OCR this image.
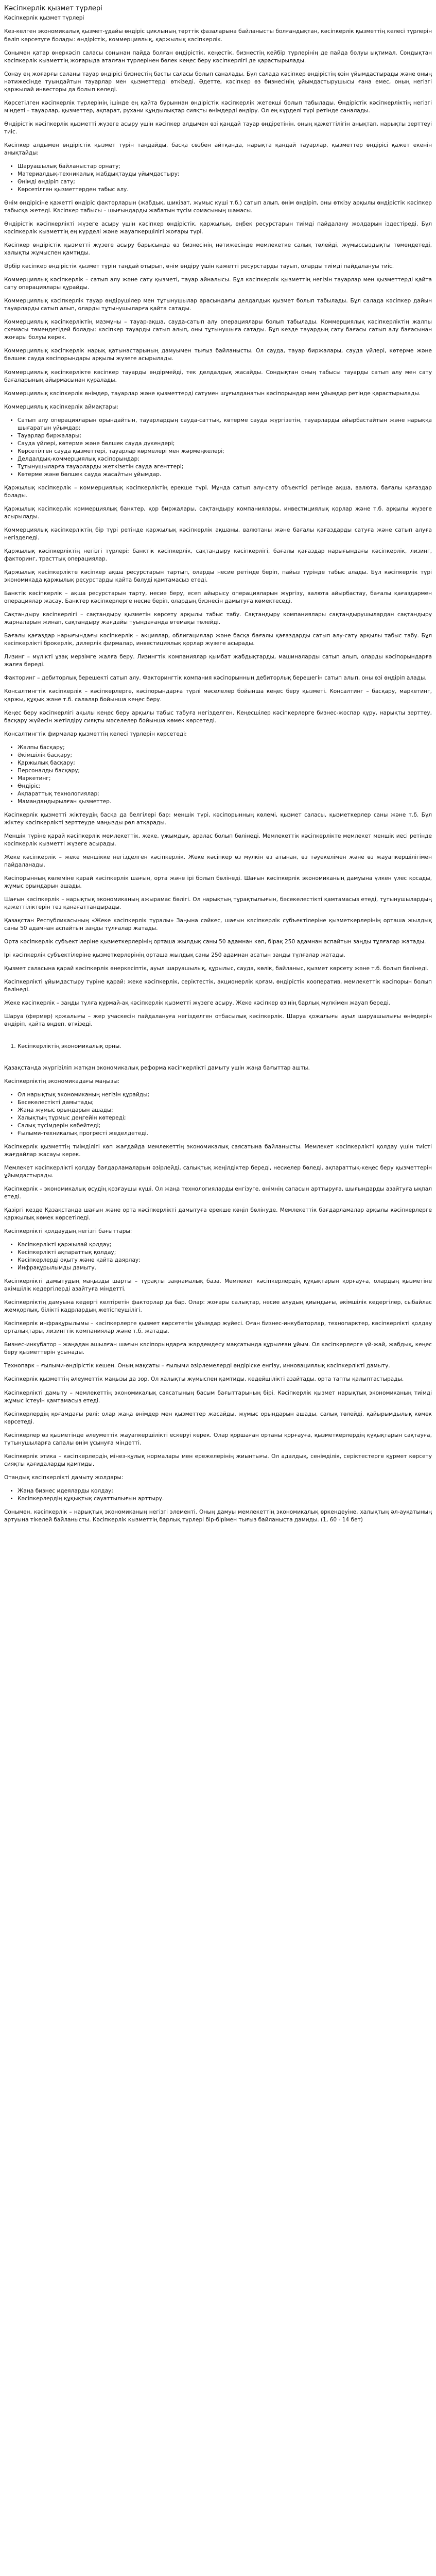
Кәсіпкерлік қызмет түрлері
Кәсіпкерлік қызмет түрлері

Кез-келген экономикалық қызмет-ұдайы өндіріс циклының төрттік фазаларына байланысты болғандықтан, кәсіпкерлік қызметтің келесі түрлерін бөліп көрсетуге болады: өндірістік, коммерциялық, қаржылық кәсіпкерлік.

Сонымен қатар өнеркәсіп саласы сонынан пайда болған өндірістік, кеңестік, бизнестің кейбір түрлерінің де пайда болуы ықтимал. Сондықтан кәсіпкерлік қызметтің жоғарыда аталған түрлерінен бөлек кеңес беру кәсіпкерлігі де қарастырылады.

Сонау ең жоғарғы саланы тауар өндірісі бизнестің басты саласы болып саналады. Бұл салада кәсіпкер өндірістің өзін ұйымдастырады және оның нәтижесінде туындайтын тауарлар мен қызметтерді өткізеді. Әдетте, кәсіпкер өз бизнесінің ұйымдастырушысы ғана емес, оның негізгі қаржылай инвесторы да болып келеді.

Көрсетілген кәсіпкерлік түрлерінің ішінде ең қайта бұрыннан өндірістік кәсіпкерлік жетекші болып табылады. Өндірістік кәсіпкерліктің негізгі міндеті – тауарлар, қызметтер, ақпарат, рухани құндылықтар сияқты өнімдерді өндіру. Ол ең күрделі түрі ретінде саналады.

Өндірістік кәсіпкерлік қызметті жүзеге асыру үшін кәсіпкер алдымен өзі қандай тауар өндіретінін, оның қажеттілігін анықтап, нарықты зерттеуі тиіс.

Кәсіпкер алдымен өндірістік қызмет түрін таңдайды, басқа сөзбен айтқанда, нарықта қандай тауарлар, қызметтер өндірісі қажет екенін анықтайды:

• Шаруашылық байланыстар орнату;
• Материалдық-техникалық жабдықтауды ұйымдастыру;
• Өнімді өндіріп сату;
• Көрсетілген қызметтерден табыс алу.

Өнім өндірісіне қажетті өндіріс факторларын (жабдық, шикізат, жұмыс күші т.б.) сатып алып, өнім өндіріп, оны өткізу арқылы өндірістік кәсіпкер табысқа жетеді. Кәсіпкер табысы – шығындарды жабатын түсім сомасының шамасы.

Өндірістік кәсіпкерлікті жүзеге асыру үшін кәсіпкер өндірістік, қаржылық, еңбек ресурстарын тиімді пайдалану жолдарын іздестіреді. Бұл кәсіпкерлік қызметтің ең күрделі және жауапкершілігі жоғары түрі.

Кәсіпкер өндірістік қызметті жүзеге асыру барысында өз бизнесінің нәтижесінде мемлекетке салық төлейді, жұмыссыздықты төмендетеді, халықты жұмыспен қамтиды.

Әрбір кәсіпкер өндірістік қызмет түрін таңдай отырып, өнім өндіру үшін қажетті ресурстарды тауып, оларды тиімді пайдалануы тиіс.

Коммерциялық кәсіпкерлік – сатып алу және сату қызметі, тауар айналысы. Бұл кәсіпкерлік қызметтің негізін тауарлар мен қызметтерді қайта сату операциялары құрайды.

Коммерциялық кәсіпкерлік тауар өндірушілер мен тұтынушылар арасындағы делдалдық қызмет болып табылады. Бұл салада кәсіпкер дайын тауарларды сатып алып, оларды тұтынушыларға қайта сатады.

Коммерциялық кәсіпкерліктің мазмұны – тауар-ақша, сауда-сатып алу операциялары болып табылады. Коммерциялық кәсіпкерліктің жалпы схемасы төмендегідей болады: кәсіпкер тауарды сатып алып, оны тұтынушыға сатады. Бұл кезде тауардың сату бағасы сатып алу бағасынан жоғары болуы керек.

Коммерциялық кәсіпкерлік нарық қатынастарының дамуымен тығыз байланысты. Ол сауда, тауар биржалары, сауда үйлері, көтерме және бөлшек сауда кәсіпорындары арқылы жүзеге асырылады.

Коммерциялық кәсіпкерлікте кәсіпкер тауарды өндірмейді, тек делдалдық жасайды. Сондықтан оның табысы тауарды сатып алу мен сату бағаларының айырмасынан құралады.

Коммерциялық кәсіпкерлік өнімдер, тауарлар және қызметтерді сатумен шұғылданатын кәсіпорындар мен ұйымдар ретінде қарастырылады.

Коммерциялық кәсіпкерлік аймақтары:

• Сатып алу операцияларын орындайтын, тауарлардың сауда-саттық, көтерме сауда жүргізетін, тауарларды айырбастайтын және нарыққа шығаратын ұйымдар;
• Тауарлар биржалары;
• Сауда үйлері, көтерме және бөлшек сауда дүкендері;
• Көрсетілген сауда қызметтері, тауарлар көрмелері мен жәрмеңкелері;
• Делдалдық-коммерциялық кәсіпорындар;
• Тұтынушыларға тауарларды жеткізетін сауда агенттері;
• Көтерме және бөлшек сауда жасайтын ұйымдар.

Қаржылық кәсіпкерлік – коммерциялық кәсіпкерліктің ерекше түрі. Мұнда сатып алу-сату объектісі ретінде ақша, валюта, бағалы қағаздар болады.

Қаржылық кәсіпкерлік коммерциялық банктер, қор биржалары, сақтандыру компаниялары, инвестициялық қорлар және т.б. арқылы жүзеге асырылады.

Коммерциялық кәсіпкерліктің бір түрі ретінде қаржылық кәсіпкерлік ақшаны, валютаны және бағалы қағаздарды сатуға және сатып алуға негізделеді.

Қаржылық кәсіпкерліктің негізгі түрлері: банктік кәсіпкерлік, сақтандыру кәсіпкерлігі, бағалы қағаздар нарығындағы кәсіпкерлік, лизинг, факторинг, трасттық операциялар.

Қаржылық кәсіпкерлікте кәсіпкер ақша ресурстарын тартып, оларды несие ретінде беріп, пайыз түрінде табыс алады. Бұл кәсіпкерлік түрі экономикада қаржылық ресурстарды қайта бөлуді қамтамасыз етеді.

Банктік кәсіпкерлік – ақша ресурстарын тарту, несие беру, есеп айырысу операцияларын жүргізу, валюта айырбастау, бағалы қағаздармен операциялар жасау. Банктер кәсіпкерлерге несие беріп, олардың бизнесін дамытуға көмектеседі.

Сақтандыру кәсіпкерлігі – сақтандыру қызметін көрсету арқылы табыс табу. Сақтандыру компаниялары сақтандырушылардан сақтандыру жарналарын жинап, сақтандыру жағдайы туындағанда өтемақы төлейді.

Бағалы қағаздар нарығындағы кәсіпкерлік – акциялар, облигациялар және басқа бағалы қағаздарды сатып алу-сату арқылы табыс табу. Бұл кәсіпкерлікті брокерлік, дилерлік фирмалар, инвестициялық қорлар жүзеге асырады.

Лизинг – мүлікті ұзақ мерзімге жалға беру. Лизингтік компаниялар қымбат жабдықтарды, машиналарды сатып алып, оларды кәсіпорындарға жалға береді.

Факторинг – дебиторлық берешекті сатып алу. Факторингтік компания кәсіпорынның дебиторлық берешегін сатып алып, оны өзі өндіріп алады.

Консалтингтік кәсіпкерлік – кәсіпкерлерге, кәсіпорындарға түрлі мәселелер бойынша кеңес беру қызметі. Консалтинг – басқару, маркетинг, қаржы, құқық және т.б. салалар бойынша кеңес беру.

Кеңес беру кәсіпкерлігі ақылы кеңес беру арқылы табыс табуға негізделген. Кеңесшілер кәсіпкерлерге бизнес-жоспар құру, нарықты зерттеу, басқару жүйесін жетілдіру сияқты мәселелер бойынша көмек көрсетеді.

Консалтингтік фирмалар қызметтің келесі түрлерін көрсетеді:

• Жалпы басқару;
• Әкімшілік басқару;
• Қаржылық басқару;
• Персоналды басқару;
• Маркетинг;
• Өндіріс;
• Ақпараттық технологиялар;
• Мамандандырылған қызметтер.

Кәсіпкерлік қызметті жіктеудің басқа да белгілері бар: меншік түрі, кәсіпорынның көлемі, қызмет саласы, қызметкерлер саны және т.б. Бұл жіктеу кәсіпкерлікті зерттеуде маңызды рөл атқарады.

Меншік түріне қарай кәсіпкерлік мемлекеттік, жеке, ұжымдық, аралас болып бөлінеді. Мемлекеттік кәсіпкерлікте мемлекет меншік иесі ретінде кәсіпкерлік қызметті жүзеге асырады.

Жеке кәсіпкерлік – жеке меншікке негізделген кәсіпкерлік. Жеке кәсіпкер өз мүлкін өз атынан, өз тәуекелімен және өз жауапкершілігімен пайдаланады.

Кәсіпорынның көлеміне қарай кәсіпкерлік шағын, орта және ірі болып бөлінеді. Шағын кәсіпкерлік экономиканың дамуына үлкен үлес қосады, жұмыс орындарын ашады.

Шағын кәсіпкерлік – нарықтық экономиканың ажырамас бөлігі. Ол нарықтың тұрақтылығын, бәсекелестікті қамтамасыз етеді, тұтынушылардың қажеттіліктерін тез қанағаттандырады.

Қазақстан Республикасының «Жеке кәсіпкерлік туралы» Заңына сәйкес, шағын кәсіпкерлік субъектілеріне қызметкерлерінің орташа жылдық саны 50 адамнан аспайтын заңды тұлғалар жатады.

Орта кәсіпкерлік субъектілеріне қызметкерлерінің орташа жылдық саны 50 адамнан көп, бірақ 250 адамнан аспайтын заңды тұлғалар жатады.

Ірі кәсіпкерлік субъектілеріне қызметкерлерінің орташа жылдық саны 250 адамнан асатын заңды тұлғалар жатады.

Қызмет саласына қарай кәсіпкерлік өнеркәсіптік, ауыл шаруашылық, құрылыс, сауда, көлік, байланыс, қызмет көрсету және т.б. болып бөлінеді.

Кәсіпкерлікті ұйымдастыру түріне қарай: жеке кәсіпкерлік, серіктестік, акционерлік қоғам, өндірістік кооператив, мемлекеттік кәсіпорын болып бөлінеді.

Жеке кәсіпкерлік – заңды тұлға құрмай-ақ кәсіпкерлік қызметті жүзеге асыру. Жеке кәсіпкер өзінің барлық мүлкімен жауап береді.

Шаруа (фермер) қожалығы – жер учаскесін пайдалануға негізделген отбасылық кәсіпкерлік. Шаруа қожалығы ауыл шаруашылығы өнімдерін өндіріп, қайта өңдеп, өткізеді.

1. Кәсіпкерліктің экономикалық орны.

Қазақстанда жүргізіліп жатқан экономикалық реформа кәсіпкерлікті дамыту ушін жаңа бағыттар ашты.

Кәсіпкерліктің экономикадағы маңызы:

• Ол нарықтық экономиканың негізін құрайды;
• Бәсекелестікті дамытады;
• Жаңа жұмыс орындарын ашады;
• Халықтың тұрмыс деңгейін көтереді;
• Салық түсімдерін көбейтеді;
• Ғылыми-техникалық прогресті жеделдетеді.

Кәсіпкерлік қызметтің тиімділігі көп жағдайда мемлекеттің экономикалық саясатына байланысты. Мемлекет кәсіпкерлікті қолдау үшін тиісті жағдайлар жасауы керек.

Мемлекет кәсіпкерлікті қолдау бағдарламаларын әзірлейді, салықтық жеңілдіктер береді, несиелер бөледі, ақпараттық-кеңес беру қызметтерін ұйымдастырады.

Кәсіпкерлік – экономикалық өсудің қозғаушы күші. Ол жаңа технологияларды енгізуге, өнімнің сапасын арттыруға, шығындарды азайтуға ықпал етеді.

Қазіргі кезде Қазақстанда шағын және орта кәсіпкерлікті дамытуға ерекше көңіл бөлінуде. Мемлекеттік бағдарламалар арқылы кәсіпкерлерге қаржылық көмек көрсетіледі.

Кәсіпкерлікті қолдаудың негізгі бағыттары:

• Кәсіпкерлікті қаржылай қолдау;
• Кәсіпкерлікті ақпараттық қолдау;
• Кәсіпкерлерді оқыту және қайта даярлау;
• Инфрақұрылымды дамыту.

Кәсіпкерлікті дамытудың маңызды шарты – тұрақты заңнамалық база. Мемлекет кәсіпкерлердің құқықтарын қорғауға, олардың қызметіне әкімшілік кедергілерді азайтуға міндетті.

Кәсіпкерліктің дамуына кедергі келтіретін факторлар да бар. Олар: жоғары салықтар, несие алудың қиындығы, әкімшілік кедергілер, сыбайлас жемқорлық, білікті кадрлардың жетіспеушілігі.

Кәсіпкерлік инфрақұрылымы – кәсіпкерлерге қызмет көрсететін ұйымдар жүйесі. Оған бизнес-инкубаторлар, технопарктер, кәсіпкерлікті қолдау орталықтары, лизингтік компаниялар және т.б. жатады.

Бизнес-инкубатор – жаңадан ашылған шағын кәсіпорындарға жәрдемдесу мақсатында құрылған ұйым. Ол кәсіпкерлерге үй-жай, жабдық, кеңес беру қызметтерін ұсынады.

Технопарк – ғылыми-өндірістік кешен. Оның мақсаты – ғылыми әзірлемелерді өндіріске енгізу, инновациялық кәсіпкерлікті дамыту.

Кәсіпкерлік қызметтің әлеуметтік маңызы да зор. Ол халықты жұмыспен қамтиды, кедейшілікті азайтады, орта тапты қалыптастырады.

Кәсіпкерлікті дамыту – мемлекеттің экономикалық саясатының басым бағыттарының бірі. Кәсіпкерлік қызмет нарықтық экономиканың тиімді жұмыс істеуін қамтамасыз етеді.

Кәсіпкерлердің қоғамдағы рөлі: олар жаңа өнімдер мен қызметтер жасайды, жұмыс орындарын ашады, салық төлейді, қайырымдылық көмек көрсетеді.

Кәсіпкерлер өз қызметінде әлеуметтік жауапкершілікті ескеруі керек. Олар қоршаған ортаны қорғауға, қызметкерлердің құқықтарын сақтауға, тұтынушыларға сапалы өнім ұсынуға міндетті.

Кәсіпкерлік этика – кәсіпкерлердің мінез-құлық нормалары мен ережелерінің жиынтығы. Ол адалдық, сенімділік, серіктестерге құрмет көрсету сияқты қағидаларды қамтиды.

Отандық кәсіпкерлікті дамыту жолдары:

• Жаңа бизнес идеяларды қолдау;
• Кәсіпкерлердің құқықтық сауаттылығын арттыру.

Сонымен, кәсіпкерлік – нарықтық экономиканың негізгі элементі. Оның дамуы мемлекеттің экономикалық өркендеуіне, халықтың әл-ауқатының артуына тікелей байланысты. Кәсіпкерлік қызметтің барлық түрлері бір-бірімен тығыз байланыста дамиды. (1, 60 - 14 бет)
